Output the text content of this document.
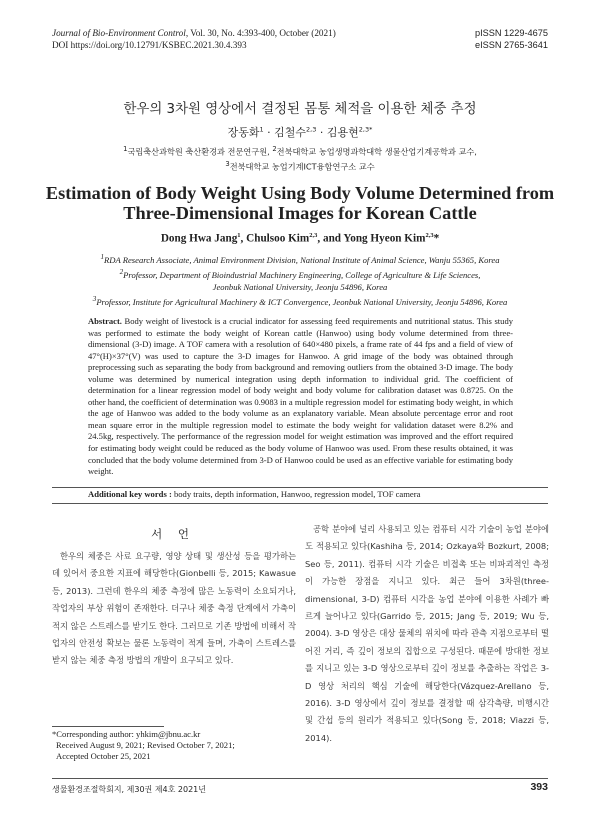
Journal of Bio-Environment Control, Vol. 30, No. 4:393-400, October (2021)
DOI https://doi.org/10.12791/KSBEC.2021.30.4.393
pISSN 1229-4675
eISSN 2765-3641
한우의 3차원 영상에서 결정된 몸통 체적을 이용한 체중 추정
장동화$^1$ · 김철수$^{2,3}$ · 김용현$^{2,3*}$
$^1$국립축산과학원 축산환경과 전문연구원, $^2$전북대학교 농업생명과학대학 생물산업기계공학과 교수,
$^3$전북대학교 농업기계ICT융합연구소 교수
Estimation of Body Weight Using Body Volume Determined from
Three-Dimensional Images for Korean Cattle
Dong Hwa Jang$^1$, Chulsoo Kim$^{2,3}$, and Yong Hyeon Kim$^{2,3}$*
$^1$RDA Research Associate, Animal Environment Division, National Institute of Animal Science, Wanju 55365, Korea
$^2$Professor, Department of Bioindustrial Machinery Engineering, College of Agriculture & Life Sciences,
Jeonbuk National University, Jeonju 54896, Korea
$^3$Professor, Institute for Agricultural Machinery & ICT Convergence, Jeonbuk National University, Jeonju 54896, Korea
Abstract. Body weight of livestock is a crucial indicator for assessing feed requirements and nutritional status. This study was performed to estimate the body weight of Korean cattle (Hanwoo) using body volume determined from three-dimensional (3-D) image. A TOF camera with a resolution of 640×480 pixels, a frame rate of 44 fps and a field of view of 47°(H)×37°(V) was used to capture the 3-D images for Hanwoo. A grid image of the body was obtained through preprocessing such as separating the body from background and removing outliers from the obtained 3-D image. The body volume was determined by numerical integration using depth information to individual grid. The coefficient of determination for a linear regression model of body weight and body volume for calibration dataset was 0.8725. On the other hand, the coefficient of determination was 0.9083 in a multiple regression model for estimating body weight, in which the age of Hanwoo was added to the body volume as an explanatory variable. Mean absolute percentage error and root mean square error in the multiple regression model to estimate the body weight for validation dataset were 8.2% and 24.5kg, respectively. The performance of the regression model for weight estimation was improved and the effort required for estimating body weight could be reduced as the body volume of Hanwoo was used. From these results obtained, it was concluded that the body volume determined from 3-D of Hanwoo could be used as an effective variable for estimating body weight.
Additional key words : body traits, depth information, Hanwoo, regression model, TOF camera
서 언
한우의 체중은 사료 요구량, 영양 상태 및 생산성 등을 평가하는 데 있어서 중요한 지표에 해당한다(Gionbelli 등, 2015; Kawasue 등, 2013). 그런데 한우의 체중 측정에 많은 노동력이 소요되거나, 작업자의 부상 위험이 존재한다. 더구나 체중 측정 단계에서 가축이 적지 않은 스트레스를 받기도 한다. 그러므로 기존 방법에 비해서 작업자의 안전성 확보는 물론 노동력이 적게 들며, 가축이 스트레스를 받지 않는 체중 측정 방법의 개발이 요구되고 있다.
공학 분야에 널리 사용되고 있는 컴퓨터 시각 기술이 농업 분야에도 적용되고 있다(Kashiha 등, 2014; Ozkaya와 Bozkurt, 2008; Seo 등, 2011). 컴퓨터 시각 기술은 비접촉 또는 비파괴적인 측정이 가능한 장점을 지니고 있다. 최근 들어 3차원(three-dimensional, 3-D) 컴퓨터 시각을 농업 분야에 이용한 사례가 빠르게 늘어나고 있다(Garrido 등, 2015; Jang 등, 2019; Wu 등, 2004). 3-D 영상은 대상 물체의 위치에 따라 관측 지점으로부터 떨어진 거리, 즉 깊이 정보의 집합으로 구성된다. 때문에 방대한 정보를 지니고 있는 3-D 영상으로부터 깊이 정보를 추출하는 작업은 3-D 영상 처리의 핵심 기술에 해당한다(Vázquez-Arellano 등, 2016). 3-D 영상에서 깊이 정보를 결정할 때 삼각측량, 비행시간 및 간섭 등의 원리가 적용되고 있다(Song 등, 2018; Viazzi 등, 2014).
*Corresponding author: yhkim@jbnu.ac.kr
Received August 9, 2021; Revised October 7, 2021;
Accepted October 25, 2021
생물환경조절학회지, 제30권 제4호 2021년	393
